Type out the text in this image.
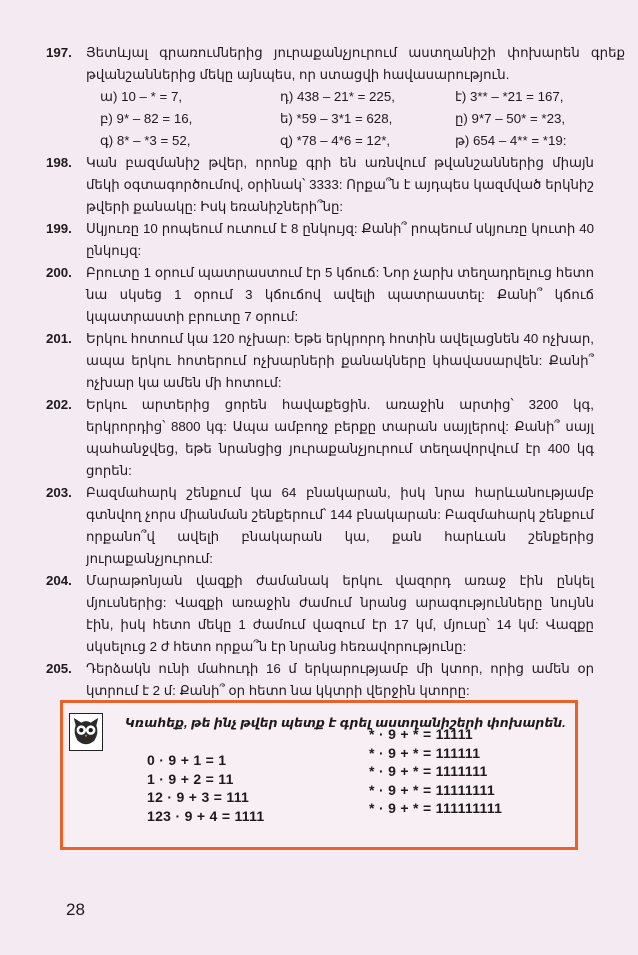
197.	Յետևյալ գրառումներից յուրաքանչյուրում աստղանիշի փոխարեն գրեք թվանշաններից մեկը այնպես, որ ստացվի հավասարություն.
ա) 10 – * = 7,	դ) 438 – 21* = 225,	է) 3** – *21 = 167,
բ) 9* – 82 = 16,	ե) *59 – 3*1 = 628,	ը) 9*7 – 50* = *23,
գ) 8* – *3 = 52,	զ) *78 – 4*6 = 12*,	թ) 654 – 4** = *19:
198.	Կան բազմանիշ թվեր, որոնք գրի են առնվում թվանշաններից միայն մեկի օգտագործումով, օրինակ՝ 3333: Որքա՞ն է այդպես կազմված երկնիշ թվերի քանակը: Իսկ եռանիշների՞նը:
199.	Սկյուռը 10 րոպեում ուտում է 8 ընկույզ: Քանի՞ րոպեում սկյուռը կուտի 40 ընկույզ:
200.	Բրուտը 1 օրում պատրաստում էր 5 կճուճ: Նոր չարխ տեղադրելուց հետո նա սկսեց 1 օրում 3 կճուճով ավելի պատրաստել: Քանի՞ կճուճ կպատրաստի բրուտը 7 օրում:
201.	Երկու հոտում կա 120 ոչխար: Եթե երկրորդ հոտին ավելացնեն 40 ոչխար, ապա երկու հոտերում ոչխարների քանակները կհավասարվեն: Քանի՞ ոչխար կա ամեն մի հոտում:
202.	Երկու արտերից ցորեն հավաքեցին. առաջին արտից՝ 3200 կգ, երկրորդից՝ 8800 կգ: Ապա ամբողջ բերքը տարան սայլերով: Քանի՞ սայլ պահանջվեց, եթե նրանցից յուրաքանչյուրում տեղավորվում էր 400 կգ ցորեն:
203.	Բազմահարկ շենքում կա 64 բնակարան, իսկ նրա հարևանությամբ գտնվող չորս միանման շենքերում՝ 144 բնակարան: Բազմահարկ շենքում որքանո՞վ ավելի բնակարան կա, քան հարևան շենքերից յուրաքանչյուրում:
204.	Մարաթոնյան վազքի ժամանակ երկու վազորդ առաջ էին ընկել մյուսներից: Վազքի առաջին ժամում նրանց արագությունները նույնն էին, իսկ հետո մեկը 1 ժամում վազում էր 17 կմ, մյուսը՝ 14 կմ: Վազքը սկսելուց 2 ժ հետո որքա՞ն էր նրանց հեռավորությունը:
205.	Դերձակն ունի մահուդի 16 մ երկարությամբ մի կտոր, որից ամեն օր կտրում է 2 մ: Քանի՞ օր հետո նա կկտրի վերջին կտորը:
Կռահեք, թե ինչ թվեր պետք է գրել աստղանիշերի փոխարեն.
0 · 9 + 1 = 1
1 · 9 + 2 = 11
12 · 9 + 3 = 111
123 · 9 + 4 = 1111
* · 9 + * = 11111
* · 9 + * = 111111
* · 9 + * = 1111111
* · 9 + * = 11111111
* · 9 + * = 111111111
28
